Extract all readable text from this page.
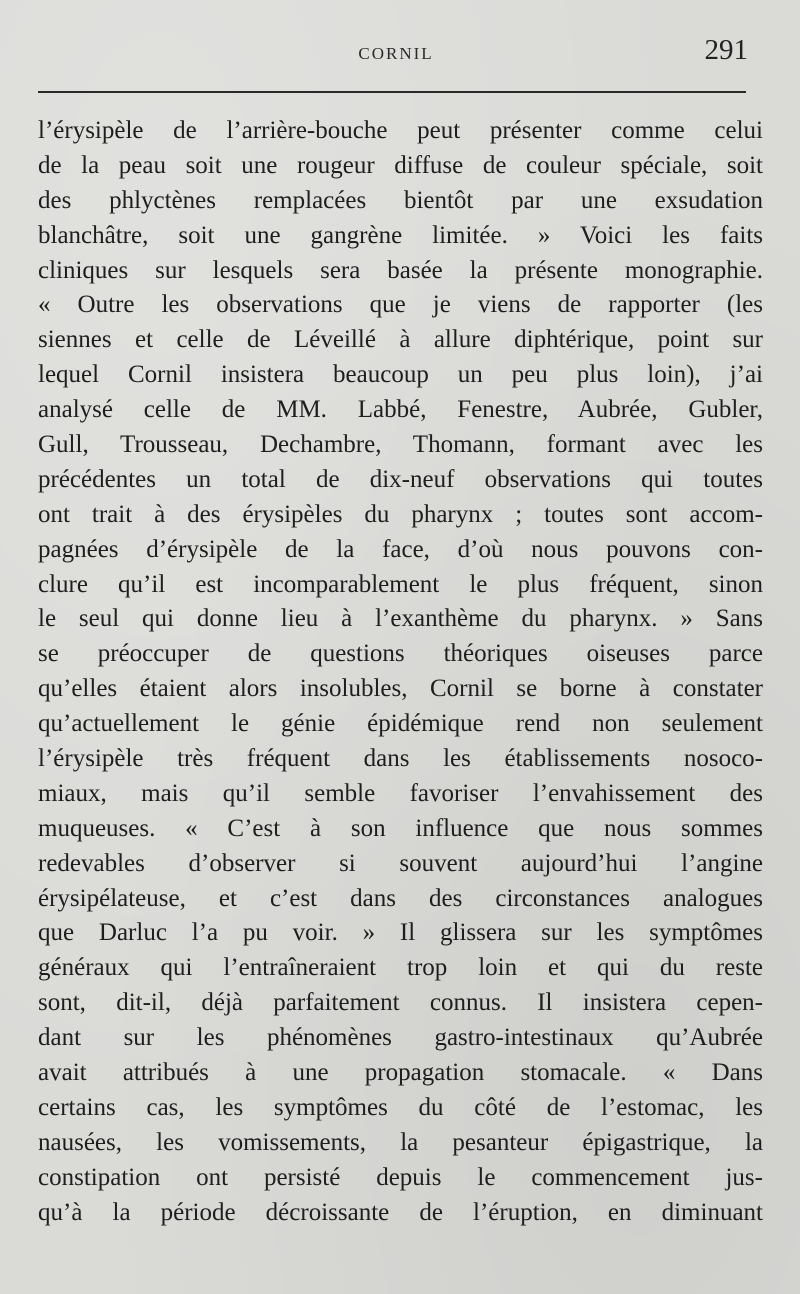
CORNIL	291
l’érysipèle de l’arrière-bouche peut présenter comme celui
de la peau soit une rougeur diffuse de couleur spéciale, soit
des phlyctènes remplacées bientôt par une exsudation
blanchâtre, soit une gangrène limitée. » Voici les faits
cliniques sur lesquels sera basée la présente monographie.
« Outre les observations que je viens de rapporter (les
siennes et celle de Léveillé à allure diphtérique, point sur
lequel Cornil insistera beaucoup un peu plus loin), j’ai
analysé celle de MM. Labbé, Fenestre, Aubrée, Gubler,
Gull, Trousseau, Dechambre, Thomann, formant avec les
précédentes un total de dix-neuf observations qui toutes
ont trait à des érysipèles du pharynx ; toutes sont accom-
pagnées d’érysipèle de la face, d’où nous pouvons con-
clure qu’il est incomparablement le plus fréquent, sinon
le seul qui donne lieu à l’exanthème du pharynx. » Sans
se préoccuper de questions théoriques oiseuses parce
qu’elles étaient alors insolubles, Cornil se borne à constater
qu’actuellement le génie épidémique rend non seulement
l’érysipèle très fréquent dans les établissements nosoco-
miaux, mais qu’il semble favoriser l’envahissement des
muqueuses. « C’est à son influence que nous sommes
redevables d’observer si souvent aujourd’hui l’angine
érysipélateuse, et c’est dans des circonstances analogues
que Darluc l’a pu voir. » Il glissera sur les symptômes
généraux qui l’entraîneraient trop loin et qui du reste
sont, dit-il, déjà parfaitement connus. Il insistera cepen-
dant sur les phénomènes gastro-intestinaux qu’Aubrée
avait attribués à une propagation stomacale. « Dans
certains cas, les symptômes du côté de l’estomac, les
nausées, les vomissements, la pesanteur épigastrique, la
constipation ont persisté depuis le commencement jus-
qu’à la période décroissante de l’éruption, en diminuant
